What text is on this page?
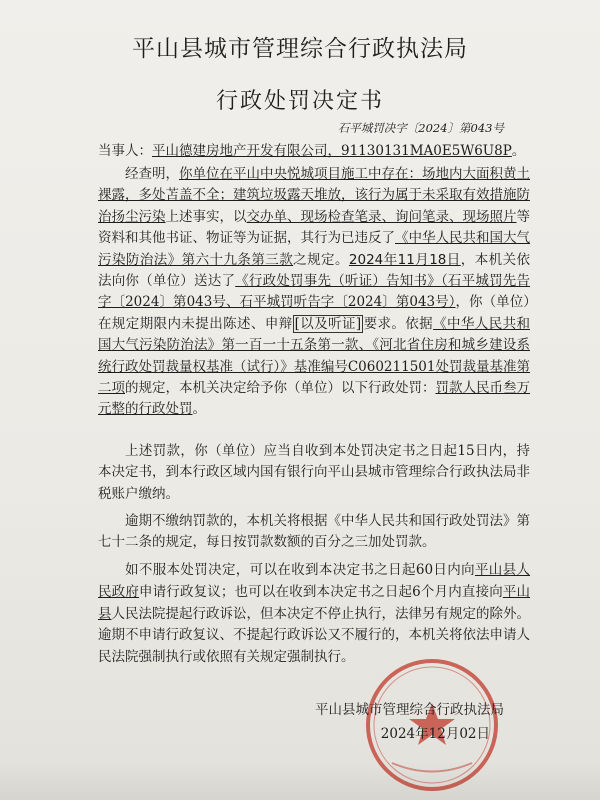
平山县城市管理综合行政执法局
行政处罚决定书
石平城罚决字〔2024〕第043号
当事人：平山德建房地产开发有限公司，91130131MA0E5W6U8P。

经查明，你单位在平山中央悦城项目施工中存在：场地内大面积黄土裸露，多处苫盖不全；建筑垃圾露天堆放，该行为属于未采取有效措施防治扬尘污染上述事实，以交办单、现场检查笔录、询问笔录、现场照片等资料和其他书证、物证等为证据，其行为已违反了《中华人民共和国大气污染防治法》第六十九条第三款之规定。2024年11月18日，本机关依法向你（单位）送达了《行政处罚事先（听证）告知书》（石平城罚先告字〔2024〕第043号、石平城罚听告字〔2024〕第043号），你（单位）在规定期限内未提出陈述、申辩 [以及听证] 要求。依据《中华人民共和国大气污染防治法》第一百一十五条第一款、《河北省住房和城乡建设系统行政处罚裁量权基准（试行）》基准编号C060211501处罚裁量基准第二项的规定，本机关决定给予你（单位）以下行政处罚：罚款人民币叁万元整的行政处罚。

上述罚款，你（单位）应当自收到本处罚决定书之日起15日内，持本决定书，到本行政区域内国有银行向平山县城市管理综合行政执法局非税账户缴纳。

逾期不缴纳罚款的，本机关将根据《中华人民共和国行政处罚法》第七十二条的规定，每日按罚款数额的百分之三加处罚款。

如不服本处罚决定，可以在收到本决定书之日起60日内向平山县人民政府申请行政复议；也可以在收到本决定书之日起6个月内直接向平山县人民法院提起行政诉讼，但本决定不停止执行，法律另有规定的除外。逾期不申请行政复议、不提起行政诉讼又不履行的，本机关将依法申请人民法院强制执行或依照有关规定强制执行。

平山县城市管理综合行政执法局
2024年12月02日
